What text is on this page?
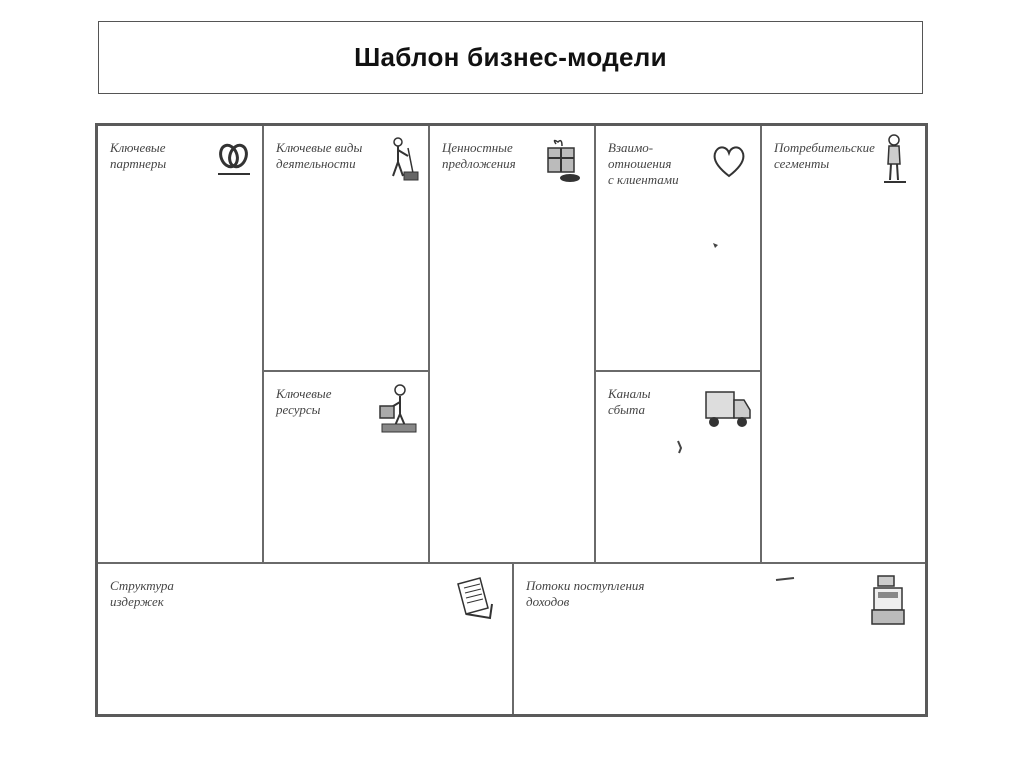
Шаблон бизнес-модели
Ключевые
партнеры
Ключевые виды
деятельности
Ценностные
предложения
Взаимо-
отношения
с клиентами
Потребительские
сегменты
Ключевые
ресурсы
Каналы
сбыта
Структура
издержек
Потоки поступления
доходов
